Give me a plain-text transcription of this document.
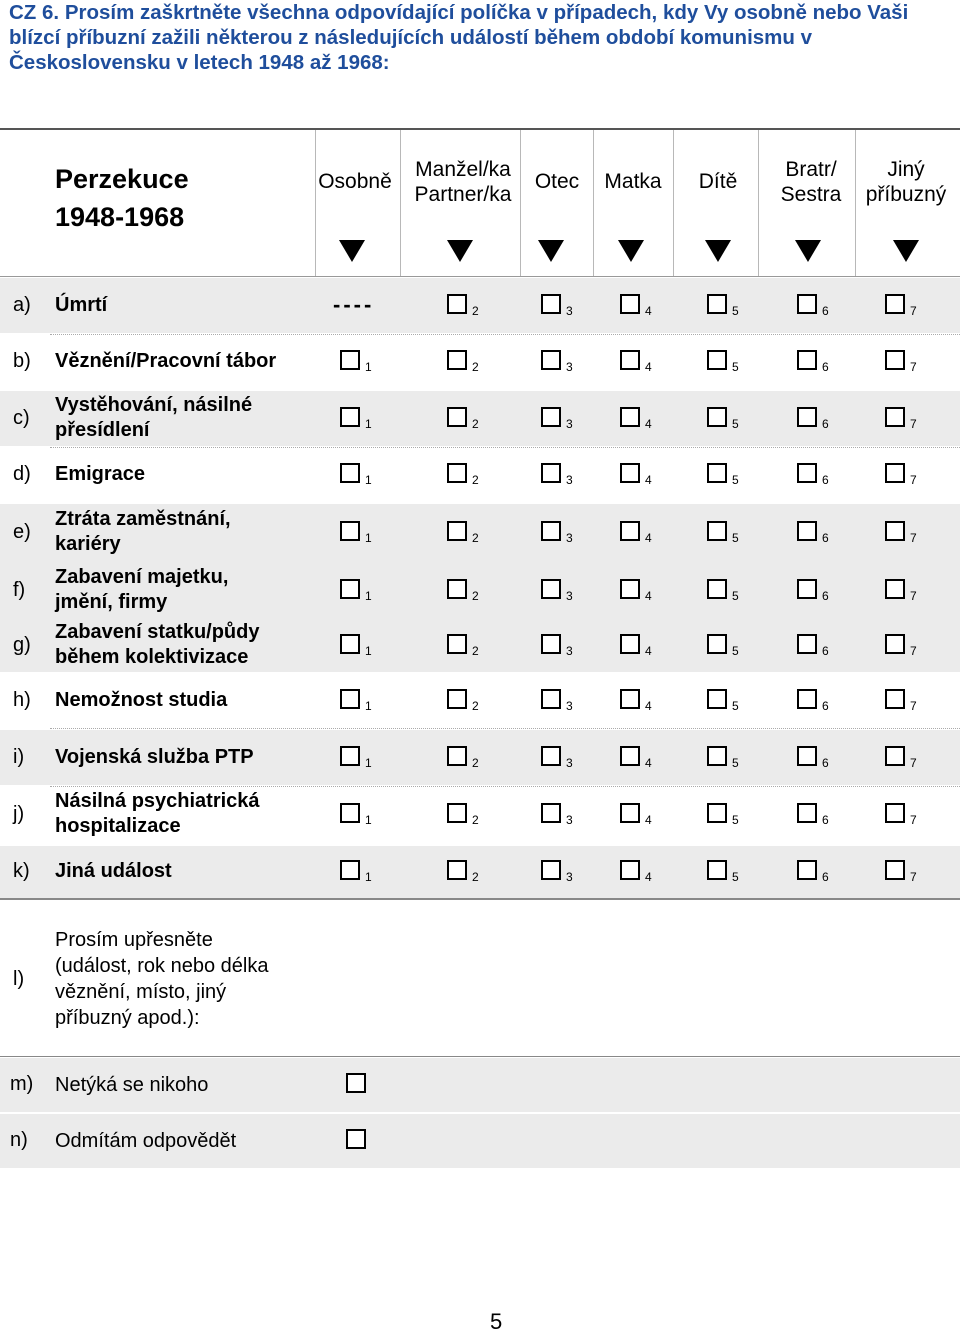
CZ 6. Prosím zaškrtněte všechna odpovídající políčka v případech, kdy Vy osobně nebo Vaši blízcí příbuzní zažili některou z následujících událostí během období komunismu v Československu v letech 1948 až 1968:
Perzekuce
1948-1968
Osobně
Manžel/ka
Partner/ka
Otec	Matka	Dítě
Bratr/
Sestra
Jiný
příbuzný
a) Úmrtí	----	2	3	4	5	6	7
b) Věznění/Pracovní tábor	1	2	3	4	5	6	7
c)
Vystěhování, násilné
přesídlení	1	2	3	4	5	6	7
d) Emigrace	1	2	3	4	5	6	7
e)
Ztráta zaměstnání,
kariéry	1	2	3	4	5	6	7
f)
Zabavení majetku,
jmění, firmy	1	2	3	4	5	6	7
g)
Zabavení statku/půdy
během kolektivizace	1	2	3	4	5	6	7
h) Nemožnost studia	1	2	3	4	5	6	7
i) Vojenská služba PTP	1	2	3	4	5	6	7
j)
Násilná psychiatrická
hospitalizace	1	2	3	4	5	6	7
k) Jiná událost	1	2	3	4	5	6	7
l)
Prosím upřesněte
(událost, rok nebo délka
věznění, místo, jiný
příbuzný apod.):
m) Netýká se nikoho
n) Odmítám odpovědět
5
